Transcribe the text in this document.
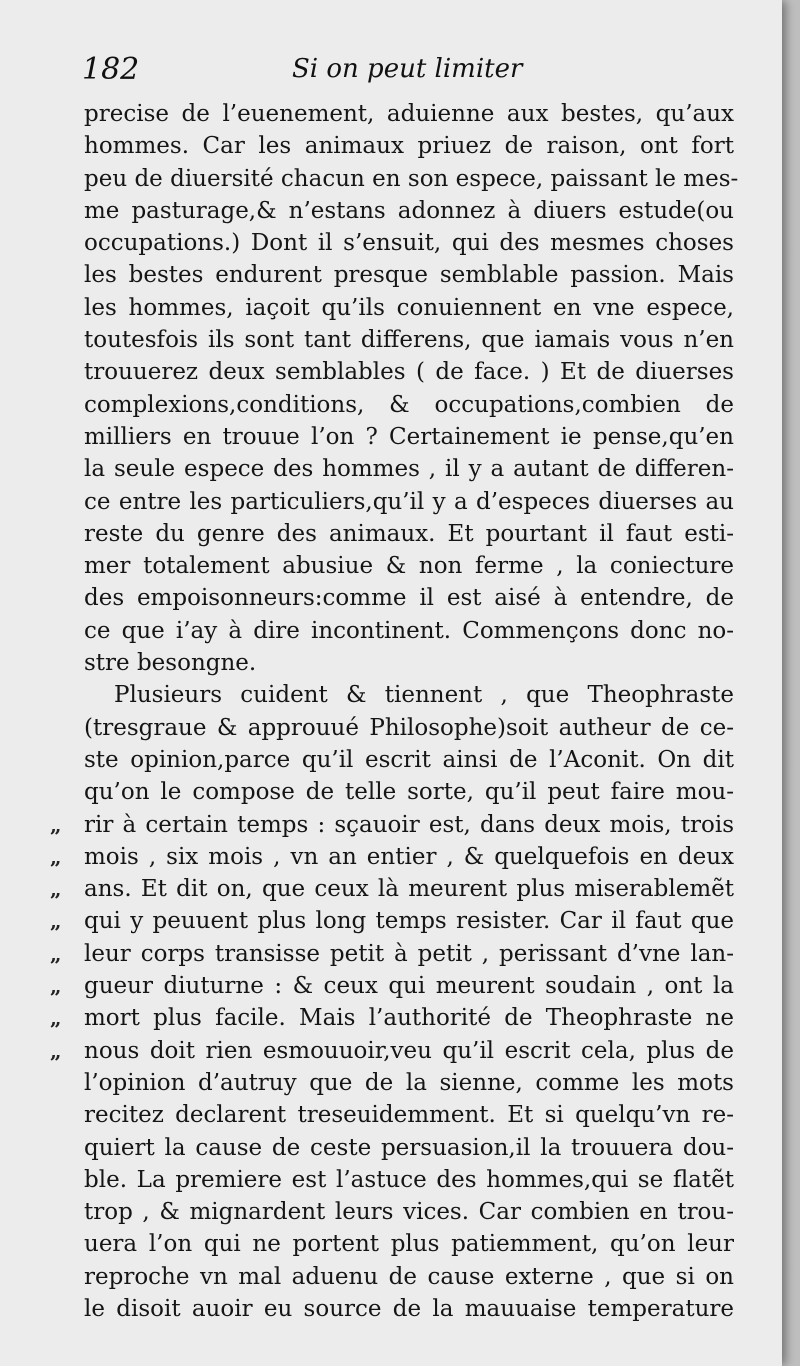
182	Si on peut limiter
precise de l’euenement, aduienne aux bestes, qu’aux
hommes. Car les animaux priuez de raison, ont fort
peu de diuersité chacun en son espece, paissant le mes-
me pasturage,& n’estans adonnez à diuers estude(ou
occupations.) Dont il s’ensuit, qui des mesmes choses
les bestes endurent presque semblable passion. Mais
les hommes, iaçoit qu’ils conuiennent en vne espece,
toutesfois ils sont tant differens, que iamais vous n’en
trouuerez deux semblables ( de face. ) Et de diuerses
complexions,conditions, & occupations,combien de
milliers en trouue l’on ? Certainement ie pense,qu’en
la seule espece des hommes , il y a autant de differen-
ce entre les particuliers,qu’il y a d’especes diuerses au
reste du genre des animaux. Et pourtant il faut esti-
mer totalement abusiue & non ferme , la coniecture
des empoisonneurs:comme il est aisé à entendre, de
ce que i’ay à dire incontinent. Commençons donc no-
stre besongne.
Plusieurs cuident & tiennent , que Theophraste
(tresgraue & approuué Philosophe)soit autheur de ce-
ste opinion,parce qu’il escrit ainsi de l’Aconit. On dit
qu’on le compose de telle sorte, qu’il peut faire mou-
„ rir à certain temps : sçauoir est, dans deux mois, trois
„ mois , six mois , vn an entier , & quelquefois en deux
„ ans. Et dit on, que ceux là meurent plus miserablemẽt
„ qui y peuuent plus long temps resister. Car il faut que
„ leur corps transisse petit à petit , perissant d’vne lan-
„ gueur diuturne : & ceux qui meurent soudain , ont la
„ mort plus facile. Mais l’authorité de Theophraste ne
„ nous doit rien esmouuoir,veu qu’il escrit cela, plus de
l’opinion d’autruy que de la sienne, comme les mots
recitez declarent treseuidemment. Et si quelqu’vn re-
quiert la cause de ceste persuasion,il la trouuera dou-
ble. La premiere est l’astuce des hommes,qui se flatẽt
trop , & mignardent leurs vices. Car combien en trou-
uera l’on qui ne portent plus patiemment, qu’on leur
reproche vn mal aduenu de cause externe , que si on
le disoit auoir eu source de la mauuaise temperature
